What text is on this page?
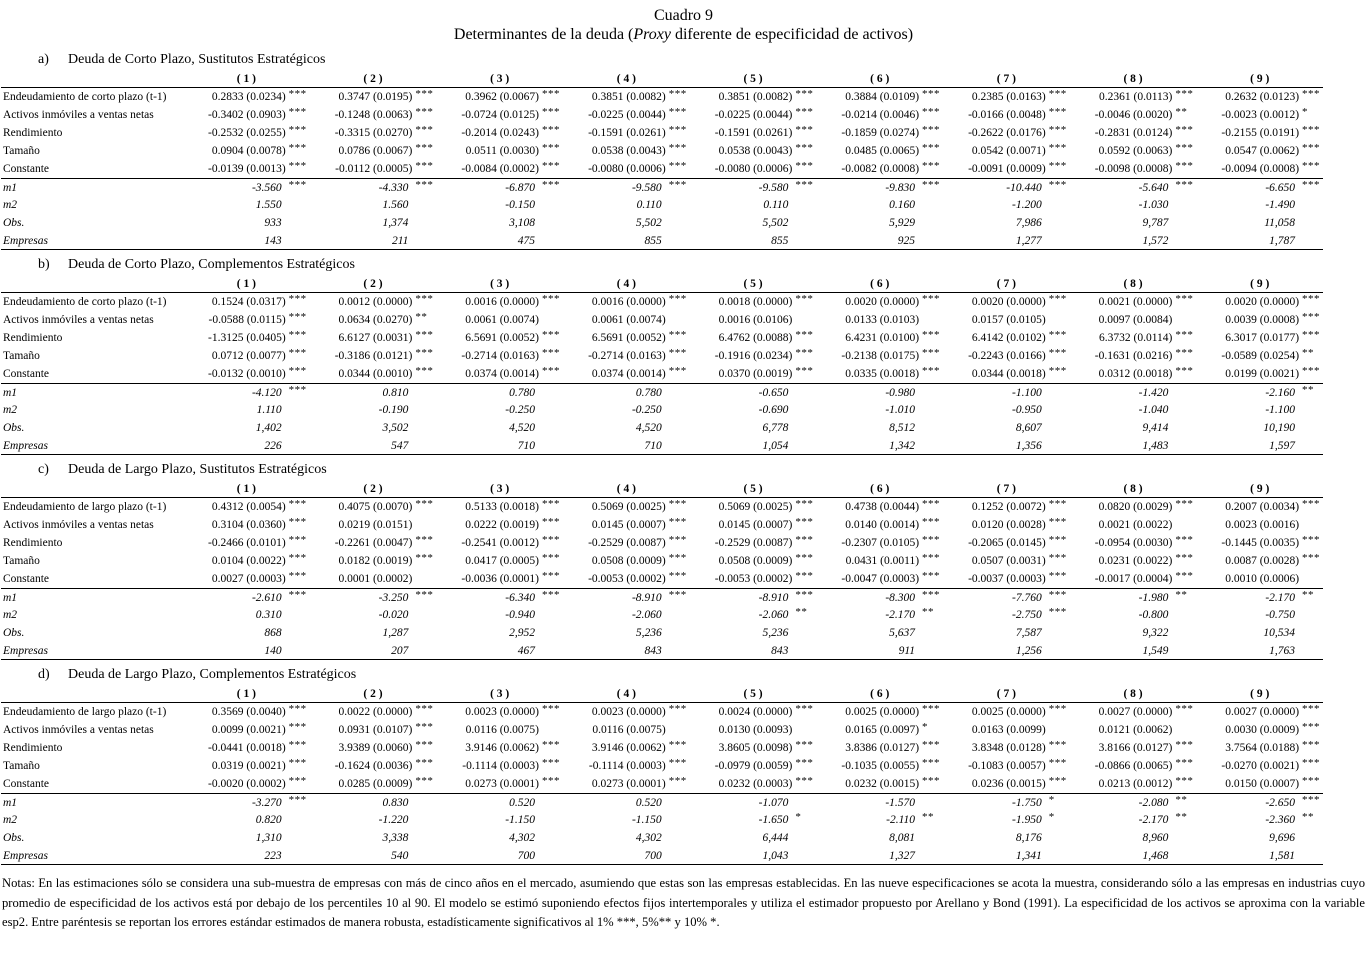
Cuadro 9
Determinantes de la deuda (Proxy diferente de especificidad de activos)
a) Deuda de Corto Plazo, Sustitutos Estratégicos
( 1 )	( 2 )	( 3 )	( 4 )	( 5 )	( 6 )	( 7 )	( 8 )	( 9 )
Endeudamiento de corto plazo (t-1)	0.2833 (0.0234) ***	0.3747 (0.0195) ***	0.3962 (0.0067) ***	0.3851 (0.0082) ***	0.3851 (0.0082) ***	0.3884 (0.0109) ***	0.2385 (0.0163) ***	0.2361 (0.0113) ***	0.2632 (0.0123) ***
Activos inmóviles a ventas netas	-0.3402 (0.0903) ***	-0.1248 (0.0063) ***	-0.0724 (0.0125) ***	-0.0225 (0.0044) ***	-0.0225 (0.0044) ***	-0.0214 (0.0046) ***	-0.0166 (0.0048) ***	-0.0046 (0.0020) **	-0.0023 (0.0012) *
Rendimiento	-0.2532 (0.0255) ***	-0.3315 (0.0270) ***	-0.2014 (0.0243) ***	-0.1591 (0.0261) ***	-0.1591 (0.0261) ***	-0.1859 (0.0274) ***	-0.2622 (0.0176) ***	-0.2831 (0.0124) ***	-0.2155 (0.0191) ***
Tamaño	0.0904 (0.0078) ***	0.0786 (0.0067) ***	0.0511 (0.0030) ***	0.0538 (0.0043) ***	0.0538 (0.0043) ***	0.0485 (0.0065) ***	0.0542 (0.0071) ***	0.0592 (0.0063) ***	0.0547 (0.0062) ***
Constante	-0.0139 (0.0013) ***	-0.0112 (0.0005) ***	-0.0084 (0.0002) ***	-0.0080 (0.0006) ***	-0.0080 (0.0006) ***	-0.0082 (0.0008) ***	-0.0091 (0.0009) ***	-0.0098 (0.0008) ***	-0.0094 (0.0008) ***
m1	-3.560 ***	-4.330 ***	-6.870 ***	-9.580 ***	-9.580 ***	-9.830 ***	-10.440 ***	-5.640 ***	-6.650 ***
m2	1.550	1.560	-0.150	0.110	0.110	0.160	-1.200	-1.030	-1.490
Obs.	933	1,374	3,108	5,502	5,502	5,929	7,986	9,787	11,058
Empresas	143	211	475	855	855	925	1,277	1,572	1,787
b) Deuda de Corto Plazo, Complementos Estratégicos
( 1 )	( 2 )	( 3 )	( 4 )	( 5 )	( 6 )	( 7 )	( 8 )	( 9 )
Endeudamiento de corto plazo (t-1)	0.1524 (0.0317) ***	0.0012 (0.0000) ***	0.0016 (0.0000) ***	0.0016 (0.0000) ***	0.0018 (0.0000) ***	0.0020 (0.0000) ***	0.0020 (0.0000) ***	0.0021 (0.0000) ***	0.0020 (0.0000) ***
Activos inmóviles a ventas netas	-0.0588 (0.0115) ***	0.0634 (0.0270) **	0.0061 (0.0074)	0.0061 (0.0074)	0.0016 (0.0106)	0.0133 (0.0103)	0.0157 (0.0105)	0.0097 (0.0084)	0.0039 (0.0008) ***
Rendimiento	-1.3125 (0.0405) ***	6.6127 (0.0031) ***	6.5691 (0.0052) ***	6.5691 (0.0052) ***	6.4762 (0.0088) ***	6.4231 (0.0100) ***	6.4142 (0.0102) ***	6.3732 (0.0114) ***	6.3017 (0.0177) ***
Tamaño	0.0712 (0.0077) ***	-0.3186 (0.0121) ***	-0.2714 (0.0163) ***	-0.2714 (0.0163) ***	-0.1916 (0.0234) ***	-0.2138 (0.0175) ***	-0.2243 (0.0166) ***	-0.1631 (0.0216) ***	-0.0589 (0.0254) **
Constante	-0.0132 (0.0010) ***	0.0344 (0.0010) ***	0.0374 (0.0014) ***	0.0374 (0.0014) ***	0.0370 (0.0019) ***	0.0335 (0.0018) ***	0.0344 (0.0018) ***	0.0312 (0.0018) ***	0.0199 (0.0021) ***
m1	-4.120 ***	0.810	0.780	0.780	-0.650	-0.980	-1.100	-1.420	-2.160 **
m2	1.110	-0.190	-0.250	-0.250	-0.690	-1.010	-0.950	-1.040	-1.100
Obs.	1,402	3,502	4,520	4,520	6,778	8,512	8,607	9,414	10,190
Empresas	226	547	710	710	1,054	1,342	1,356	1,483	1,597
c) Deuda de Largo Plazo, Sustitutos Estratégicos
( 1 )	( 2 )	( 3 )	( 4 )	( 5 )	( 6 )	( 7 )	( 8 )	( 9 )
Endeudamiento de largo plazo (t-1)	0.4312 (0.0054) ***	0.4075 (0.0070) ***	0.5133 (0.0018) ***	0.5069 (0.0025) ***	0.5069 (0.0025) ***	0.4738 (0.0044) ***	0.1252 (0.0072) ***	0.0820 (0.0029) ***	0.2007 (0.0034) ***
Activos inmóviles a ventas netas	0.3104 (0.0360) ***	0.0219 (0.0151)	0.0222 (0.0019) ***	0.0145 (0.0007) ***	0.0145 (0.0007) ***	0.0140 (0.0014) ***	0.0120 (0.0028) ***	0.0021 (0.0022)	0.0023 (0.0016)
Rendimiento	-0.2466 (0.0101) ***	-0.2261 (0.0047) ***	-0.2541 (0.0012) ***	-0.2529 (0.0087) ***	-0.2529 (0.0087) ***	-0.2307 (0.0105) ***	-0.2065 (0.0145) ***	-0.0954 (0.0030) ***	-0.1445 (0.0035) ***
Tamaño	0.0104 (0.0022) ***	0.0182 (0.0019) ***	0.0417 (0.0005) ***	0.0508 (0.0009) ***	0.0508 (0.0009) ***	0.0431 (0.0011) ***	0.0507 (0.0031) ***	0.0231 (0.0022) ***	0.0087 (0.0028) ***
Constante	0.0027 (0.0003) ***	0.0001 (0.0002)	-0.0036 (0.0001) ***	-0.0053 (0.0002) ***	-0.0053 (0.0002) ***	-0.0047 (0.0003) ***	-0.0037 (0.0003) ***	-0.0017 (0.0004) ***	0.0010 (0.0006)
m1	-2.610 ***	-3.250 ***	-6.340 ***	-8.910 ***	-8.910 ***	-8.300 ***	-7.760 ***	-1.980 **	-2.170 **
m2	0.310	-0.020	-0.940	-2.060	-2.060 **	-2.170 **	-2.750 ***	-0.800	-0.750
Obs.	868	1,287	2,952	5,236	5,236	5,637	7,587	9,322	10,534
Empresas	140	207	467	843	843	911	1,256	1,549	1,763
d) Deuda de Largo Plazo, Complementos Estratégicos
( 1 )	( 2 )	( 3 )	( 4 )	( 5 )	( 6 )	( 7 )	( 8 )	( 9 )
Endeudamiento de largo plazo (t-1)	0.3569 (0.0040) ***	0.0022 (0.0000) ***	0.0023 (0.0000) ***	0.0023 (0.0000) ***	0.0024 (0.0000) ***	0.0025 (0.0000) ***	0.0025 (0.0000) ***	0.0027 (0.0000) ***	0.0027 (0.0000) ***
Activos inmóviles a ventas netas	0.0099 (0.0021) ***	0.0931 (0.0107) ***	0.0116 (0.0075)	0.0116 (0.0075)	0.0130 (0.0093)	0.0165 (0.0097) *	0.0163 (0.0099)	0.0121 (0.0062)	0.0030 (0.0009) ***
Rendimiento	-0.0441 (0.0018) ***	3.9389 (0.0060) ***	3.9146 (0.0062) ***	3.9146 (0.0062) ***	3.8605 (0.0098) ***	3.8386 (0.0127) ***	3.8348 (0.0128) ***	3.8166 (0.0127) ***	3.7564 (0.0188) ***
Tamaño	0.0319 (0.0021) ***	-0.1624 (0.0036) ***	-0.1114 (0.0003) ***	-0.1114 (0.0003) ***	-0.0979 (0.0059) ***	-0.1035 (0.0055) ***	-0.1083 (0.0057) ***	-0.0866 (0.0065) ***	-0.0270 (0.0021) ***
Constante	-0.0020 (0.0002) ***	0.0285 (0.0009) ***	0.0273 (0.0001) ***	0.0273 (0.0001) ***	0.0232 (0.0003) ***	0.0232 (0.0015) ***	0.0236 (0.0015) ***	0.0213 (0.0012) ***	0.0150 (0.0007) ***
m1	-3.270 ***	0.830	0.520	0.520	-1.070	-1.570	-1.750 *	-2.080 **	-2.650 ***
m2	0.820	-1.220	-1.150	-1.150	-1.650 *	-2.110 **	-1.950 *	-2.170 **	-2.360 **
Obs.	1,310	3,338	4,302	4,302	6,444	8,081	8,176	8,960	9,696
Empresas	223	540	700	700	1,043	1,327	1,341	1,468	1,581
Notas: En las estimaciones sólo se considera una sub-muestra de empresas con más de cinco años en el mercado, asumiendo que estas son las empresas establecidas. En las nueve especificaciones se acota la muestra, considerando sólo a las empresas en industrias cuyo promedio de especificidad de los activos está por debajo de los percentiles 10 al 90. El modelo se estimó suponiendo efectos fijos intertemporales y utiliza el estimador propuesto por Arellano y Bond (1991). La especificidad de los activos se aproxima con la variable esp2. Entre paréntesis se reportan los errores estándar estimados de manera robusta, estadísticamente significativos al 1% ***, 5%** y 10% *.
